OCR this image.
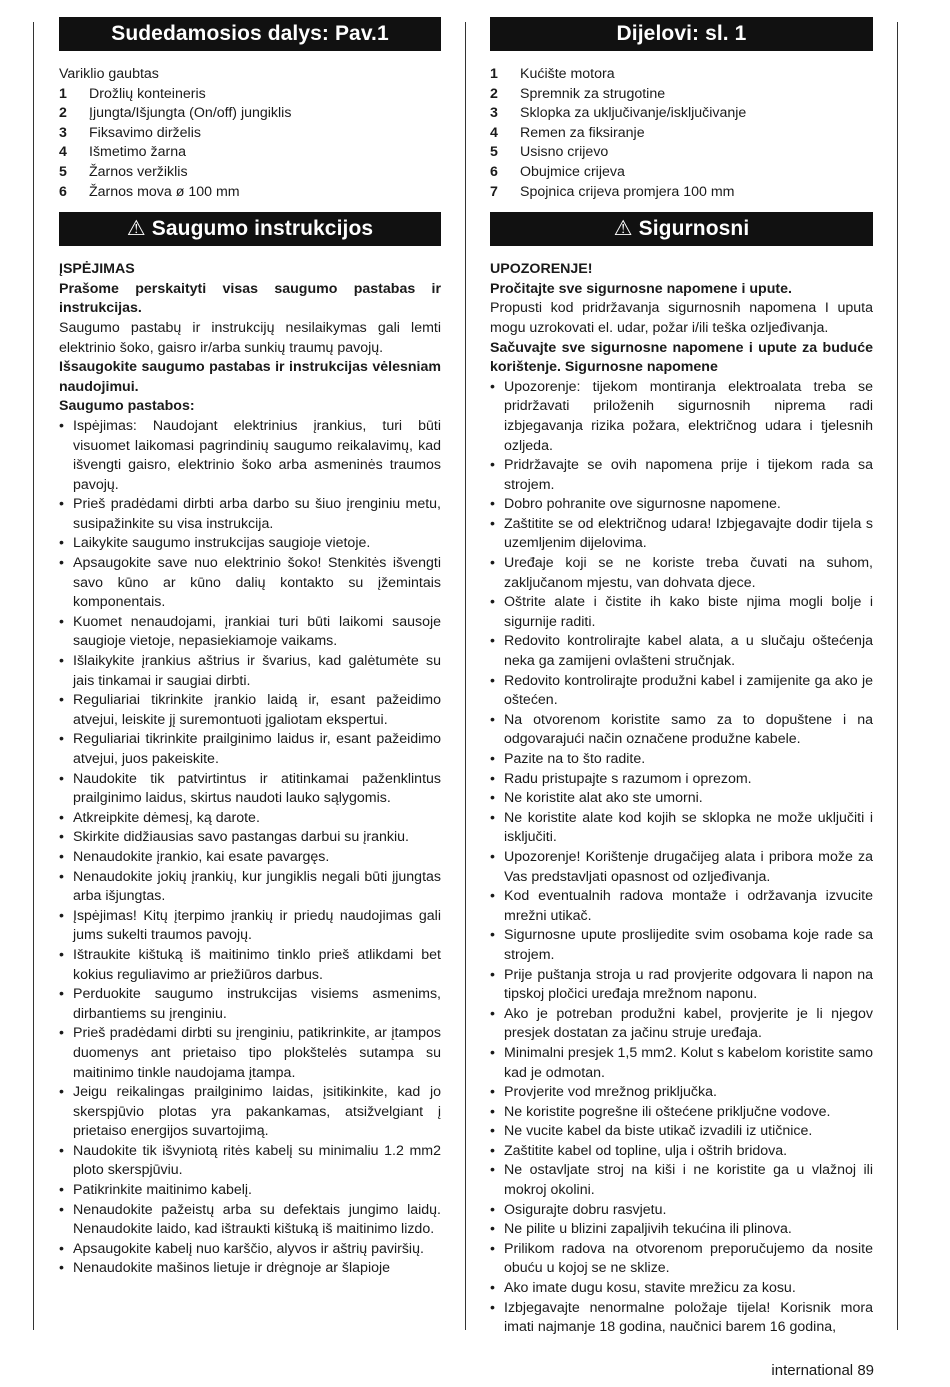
Sudedamosios dalys: Pav.1
Variklio gaubtas
1	Drožlių konteineris
2	Įjungta/Išjungta (On/off) jungiklis
3	Fiksavimo dirželis
4	Išmetimo žarna
5	Žarnos veržiklis
6	Žarnos mova ø 100 mm
⚠ Saugumo instrukcijos

ĮSPĖJIMAS

Prašome perskaityti visas saugumo pastabas ir instrukcijas.

Saugumo pastabų ir instrukcijų nesilaikymas gali lemti elektrinio šoko, gaisro ir/arba sunkių traumų pavojų.

Išsaugokite saugumo pastabas ir instrukcijas vėlesniam naudojimui.

Saugumo pastabos:

• Ispėjimas: Naudojant elektrinius įrankius, turi būti visuomet laikomasi pagrindinių saugumo reikalavimų, kad išvengti gaisro, elektrinio šoko arba asmeninės traumos pavojų.
• Prieš pradėdami dirbti arba darbo su šiuo įrenginiu metu, susipažinkite su visa instrukcija.
• Laikykite saugumo instrukcijas saugioje vietoje.
• Apsaugokite save nuo elektrinio šoko! Stenkitės išvengti savo kūno ar kūno dalių kontakto su įžemintais komponentais.
• Kuomet nenaudojami, įrankiai turi būti laikomi sausoje saugioje vietoje, nepasiekiamoje vaikams.
• Išlaikykite įrankius aštrius ir švarius, kad galėtumėte su jais tinkamai ir saugiai dirbti.
• Reguliariai tikrinkite įrankio laidą ir, esant pažeidimo atvejui, leiskite jį suremontuoti įgaliotam ekspertui.
• Reguliariai tikrinkite prailginimo laidus ir, esant pažeidimo atvejui, juos pakeiskite.
• Naudokite tik patvirtintus ir atitinkamai paženklintus prailginimo laidus, skirtus naudoti lauko sąlygomis.
• Atkreipkite dėmesį, ką darote.
• Skirkite didžiausias savo pastangas darbui su įrankiu.
• Nenaudokite įrankio, kai esate pavargęs.
• Nenaudokite jokių įrankių, kur jungiklis negali būti įjungtas arba išjungtas.
• Įspėjimas! Kitų įterpimo įrankių ir priedų naudojimas gali jums sukelti traumos pavojų.
• Ištraukite kištuką iš maitinimo tinklo prieš atlikdami bet kokius reguliavimo ar priežiūros darbus.
• Perduokite saugumo instrukcijas visiems asmenims, dirbantiems su įrenginiu.
• Prieš pradėdami dirbti su įrenginiu, patikrinkite, ar įtampos duomenys ant prietaiso tipo plokštelės sutampa su maitinimo tinkle naudojama įtampa.
• Jeigu reikalingas prailginimo laidas, įsitikinkite, kad jo skerspjūvio plotas yra pakankamas, atsižvelgiant į prietaiso energijos suvartojimą.
• Naudokite tik išvyniotą ritės kabelį su minimaliu 1.2 mm2 ploto skerspjūviu.
• Patikrinkite maitinimo kabelį.
• Nenaudokite pažeistų arba su defektais jungimo laidų. Nenaudokite laido, kad ištraukti kištuką iš maitinimo lizdo.
• Apsaugokite kabelį nuo karščio, alyvos ir aštrių paviršių.
• Nenaudokite mašinos lietuje ir drėgnoje ar šlapioje
Dijelovi: sl. 1
1	Kućište motora
2	Spremnik za strugotine
3	Sklopka za uključivanje/isključivanje
4	Remen za fiksiranje
5	Usisno crijevo
6	Obujmice crijeva
7	Spojnica crijeva promjera 100 mm
⚠ Sigurnosni

UPOZORENJE!

Pročitajte sve sigurnosne napomene i upute.

Propusti kod pridržavanja sigurnosnih napomena I uputa mogu uzrokovati el. udar, požar i/ili teška ozljeđivanja.

Sačuvajte sve sigurnosne napomene i upute za buduće korištenje. Sigurnosne napomene

• Upozorenje: tijekom montiranja elektroalata treba se pridržavati priloženih sigurnosnih niprema radi izbjegavanja rizika požara, električnog udara i tjelesnih ozljeda.
• Pridržavajte se ovih napomena prije i tijekom rada sa strojem.
• Dobro pohranite ove sigurnosne napomene.
• Zaštitite se od električnog udara! Izbjegavajte dodir tijela s uzemljenim dijelovima.
• Uređaje koji se ne koriste treba čuvati na suhom, zaključanom mjestu, van dohvata djece.
• Oštrite alate i čistite ih kako biste njima mogli bolje i sigurnije raditi.
• Redovito kontrolirajte kabel alata, a u slučaju oštećenja neka ga zamijeni ovlašteni stručnjak.
• Redovito kontrolirajte produžni kabel i zamijenite ga ako je oštećen.
• Na otvorenom koristite samo za to dopuštene i na odgovarajući način označene produžne kabele.
• Pazite na to što radite.
• Radu pristupajte s razumom i oprezom.
• Ne koristite alat ako ste umorni.
• Ne koristite alate kod kojih se sklopka ne može uključiti i isključiti.
• Upozorenje! Korištenje drugačijeg alata i pribora može za Vas predstavljati opasnost od ozljeđivanja.
• Kod eventualnih radova montaže i održavanja izvucite mrežni utikač.
• Sigurnosne upute proslijedite svim osobama koje rade sa strojem.
• Prije puštanja stroja u rad provjerite odgovara li napon na tipskoj pločici uređaja mrežnom naponu.
• Ako je potreban produžni kabel, provjerite je li njegov presjek dostatan za jačinu struje uređaja.
• Minimalni presjek 1,5 mm2. Kolut s kabelom koristite samo kad je odmotan.
• Provjerite vod mrežnog priključka.
• Ne koristite pogrešne ili oštećene priključne vodove.
• Ne vucite kabel da biste utikač izvadili iz utičnice.
• Zaštitite kabel od topline, ulja i oštrih bridova.
• Ne ostavljate stroj na kiši i ne koristite ga u vlažnoj ili mokroj okolini.
• Osigurajte dobru rasvjetu.
• Ne pilite u blizini zapaljivih tekućina ili plinova.
• Prilikom radova na otvorenom preporučujemo da nosite obuću u kojoj se ne sklize.
• Ako imate dugu kosu, stavite mrežicu za kosu.
• Izbjegavajte nenormalne položaje tijela! Korisnik mora imati najmanje 18 godina, naučnici barem 16 godina,
international 89
